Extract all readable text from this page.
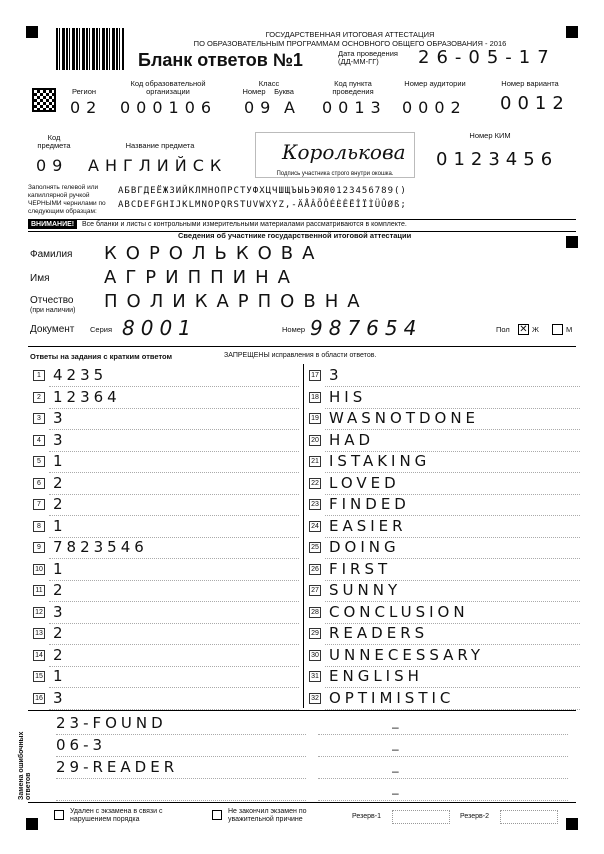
ГОСУДАРСТВЕННАЯ ИТОГОВАЯ АТТЕСТАЦИЯ
ПО ОБРАЗОВАТЕЛЬНЫМ ПРОГРАММАМ ОСНОВНОГО ОБЩЕГО ОБРАЗОВАНИЯ - 2016
Бланк ответов №1	Дата проведения (ДД-ММ-ГГ)	26-05-17
Регион
02
Код образовательной организации
000106
Класс
Номер	Буква
09 А
Код пункта проведения
0013
Номер аудитории
0002
Номер варианта
0012
Код предмета
09
Название предмета
АНГЛИЙСК
Королькова
Подпись участника строго внутри окошка.
Номер КИМ
0123456
Заполнять гелевой или капиллярной ручкой ЧЕРНЫМИ чернилами по следующим образцам:
АБВГДЕЁЖЗИЙКЛМНОПРСТУФХЦЧШЩЪЫЬЭЮЯ0123456789()
ABCDEFGHIJKLMNOPQRSTUVWXYZ,-ÄÅÂÕÔÉÈÊËÎÏÌÜÛØß;
ВНИМАНИЕ!	Все бланки и листы с контрольными измерительными материалами рассматриваются в комплекте.
Сведения об участнике государственной итоговой аттестации
Фамилия КОРОЛЬКОВА
Имя	АГРИППИНА
Отчество
(при наличии) ПОЛИКАРПОВНА
Документ Серия 8001	Номер 987654	Пол ✕ Ж	М
Ответы на задания с кратким ответом	ЗАПРЕЩЕНЫ исправления в области ответов.
1 4235
2 12364
3 3
4 3
5 1
6 2
7 2
8 1
9 7823546
10 1
11 2
12 3
13 2
14 2
15 1
16 3
17 3
18 HIS
19 WASNOTDONE
20 HAD
21 ISTAKING
22 LOVED
23 FINDED
24 EASIER
25 DOING
26 FIRST
27 SUNNY
28 CONCLUSION
29 READERS
30 UNNECESSARY
31 ENGLISH
32 OPTIMISTIC
Замена ошибочных ответов
23-FOUND
06-3
29-READER
–
–
–
–
Удален с экзамена в связи с нарушением порядка
Не закончил экзамен по уважительной причине	Резерв-1	Резерв-2
